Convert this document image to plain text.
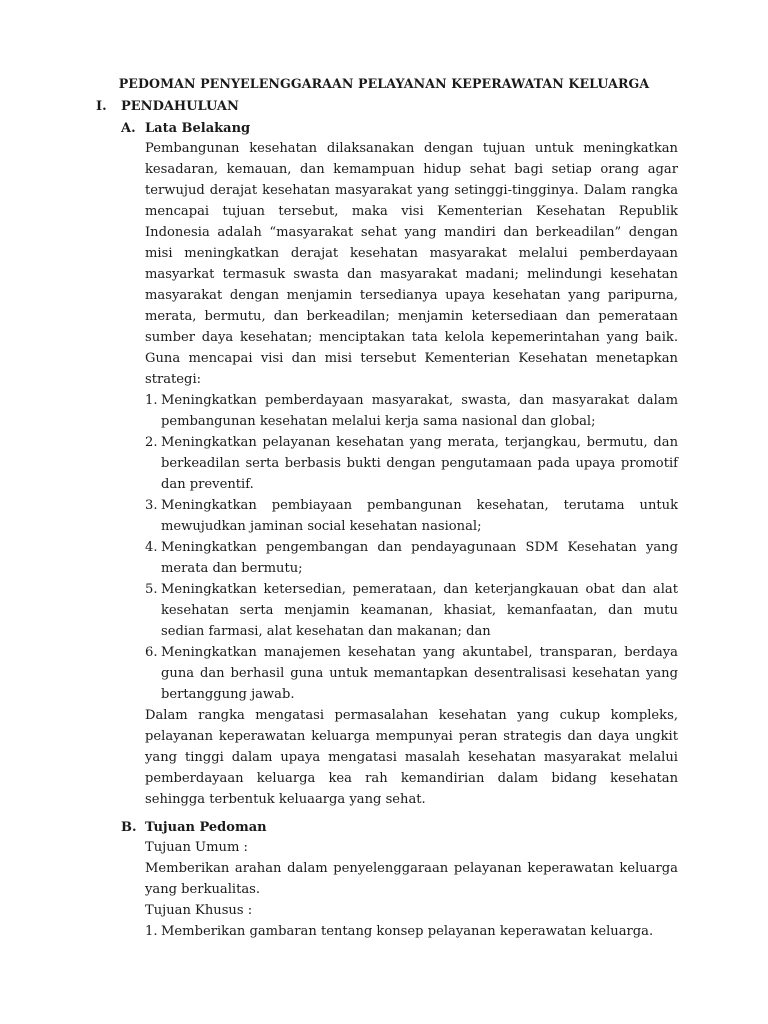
PEDOMAN PENYELENGGARAAN PELAYANAN KEPERAWATAN KELUARGA
I. PENDAHULUAN
A. Lata Belakang

Pembangunan kesehatan dilaksanakan dengan tujuan untuk meningkatkan kesadaran, kemauan, dan kemampuan hidup sehat bagi setiap orang agar terwujud derajat kesehatan masyarakat yang setinggi-tingginya. Dalam rangka mencapai tujuan tersebut, maka visi Kementerian Kesehatan Republik Indonesia adalah “masyarakat sehat yang mandiri dan berkeadilan” dengan misi meningkatkan derajat kesehatan masyarakat melalui pemberdayaan masyarkat termasuk swasta dan masyarakat madani; melindungi kesehatan masyarakat dengan menjamin tersedianya upaya kesehatan yang paripurna, merata, bermutu, dan berkeadilan; menjamin ketersediaan dan pemerataan sumber daya kesehatan; menciptakan tata kelola kepemerintahan yang baik. Guna mencapai visi dan misi tersebut Kementerian Kesehatan menetapkan strategi:

1. Meningkatkan pemberdayaan masyarakat, swasta, dan masyarakat dalam pembangunan kesehatan melalui kerja sama nasional dan global;
2. Meningkatkan pelayanan kesehatan yang merata, terjangkau, bermutu, dan berkeadilan serta berbasis bukti dengan pengutamaan pada upaya promotif dan preventif.
3. Meningkatkan pembiayaan pembangunan kesehatan, terutama untuk mewujudkan jaminan social kesehatan nasional;
4. Meningkatkan pengembangan dan pendayagunaan SDM Kesehatan yang merata dan bermutu;
5. Meningkatkan ketersedian, pemerataan, dan keterjangkauan obat dan alat kesehatan serta menjamin keamanan, khasiat, kemanfaatan, dan mutu sedian farmasi, alat kesehatan dan makanan; dan
6. Meningkatkan manajemen kesehatan yang akuntabel, transparan, berdaya guna dan berhasil guna untuk memantapkan desentralisasi kesehatan yang bertanggung jawab.

Dalam rangka mengatasi permasalahan kesehatan yang cukup kompleks, pelayanan keperawatan keluarga mempunyai peran strategis dan daya ungkit yang tinggi dalam upaya mengatasi masalah kesehatan masyarakat melalui pemberdayaan keluarga kea rah kemandirian dalam bidang kesehatan sehingga terbentuk keluaarga yang sehat.

B. Tujuan Pedoman

Tujuan Umum :

Memberikan arahan dalam penyelenggaraan pelayanan keperawatan keluarga yang berkualitas.

Tujuan Khusus :

1. Memberikan gambaran tentang konsep pelayanan keperawatan keluarga.
